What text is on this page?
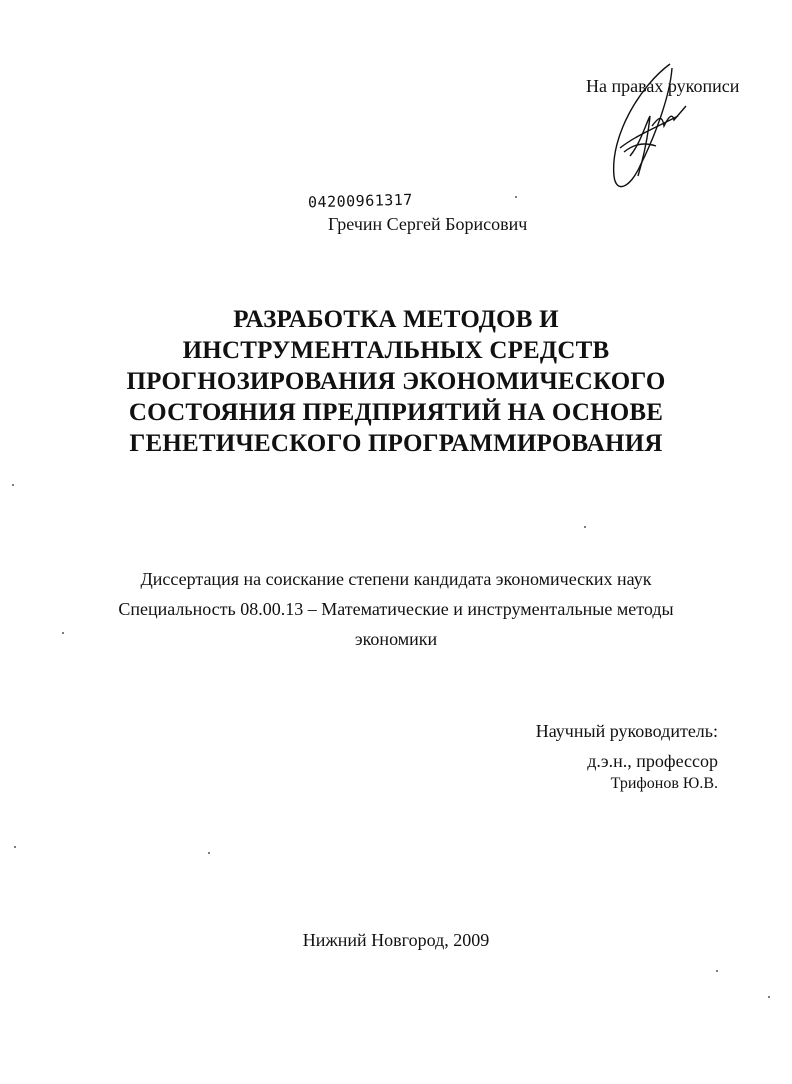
На правах рукописи
04200961317
Гречин Сергей Борисович
РАЗРАБОТКА МЕТОДОВ И
ИНСТРУМЕНТАЛЬНЫХ СРЕДСТВ
ПРОГНОЗИРОВАНИЯ ЭКОНОМИЧЕСКОГО
СОСТОЯНИЯ ПРЕДПРИЯТИЙ НА ОСНОВЕ
ГЕНЕТИЧЕСКОГО ПРОГРАММИРОВАНИЯ
Диссертация на соискание степени кандидата экономических наук
Специальность 08.00.13 – Математические и инструментальные методы
экономики
Научный руководитель:
д.э.н., профессор
Трифонов Ю.В.
Нижний Новгород, 2009
